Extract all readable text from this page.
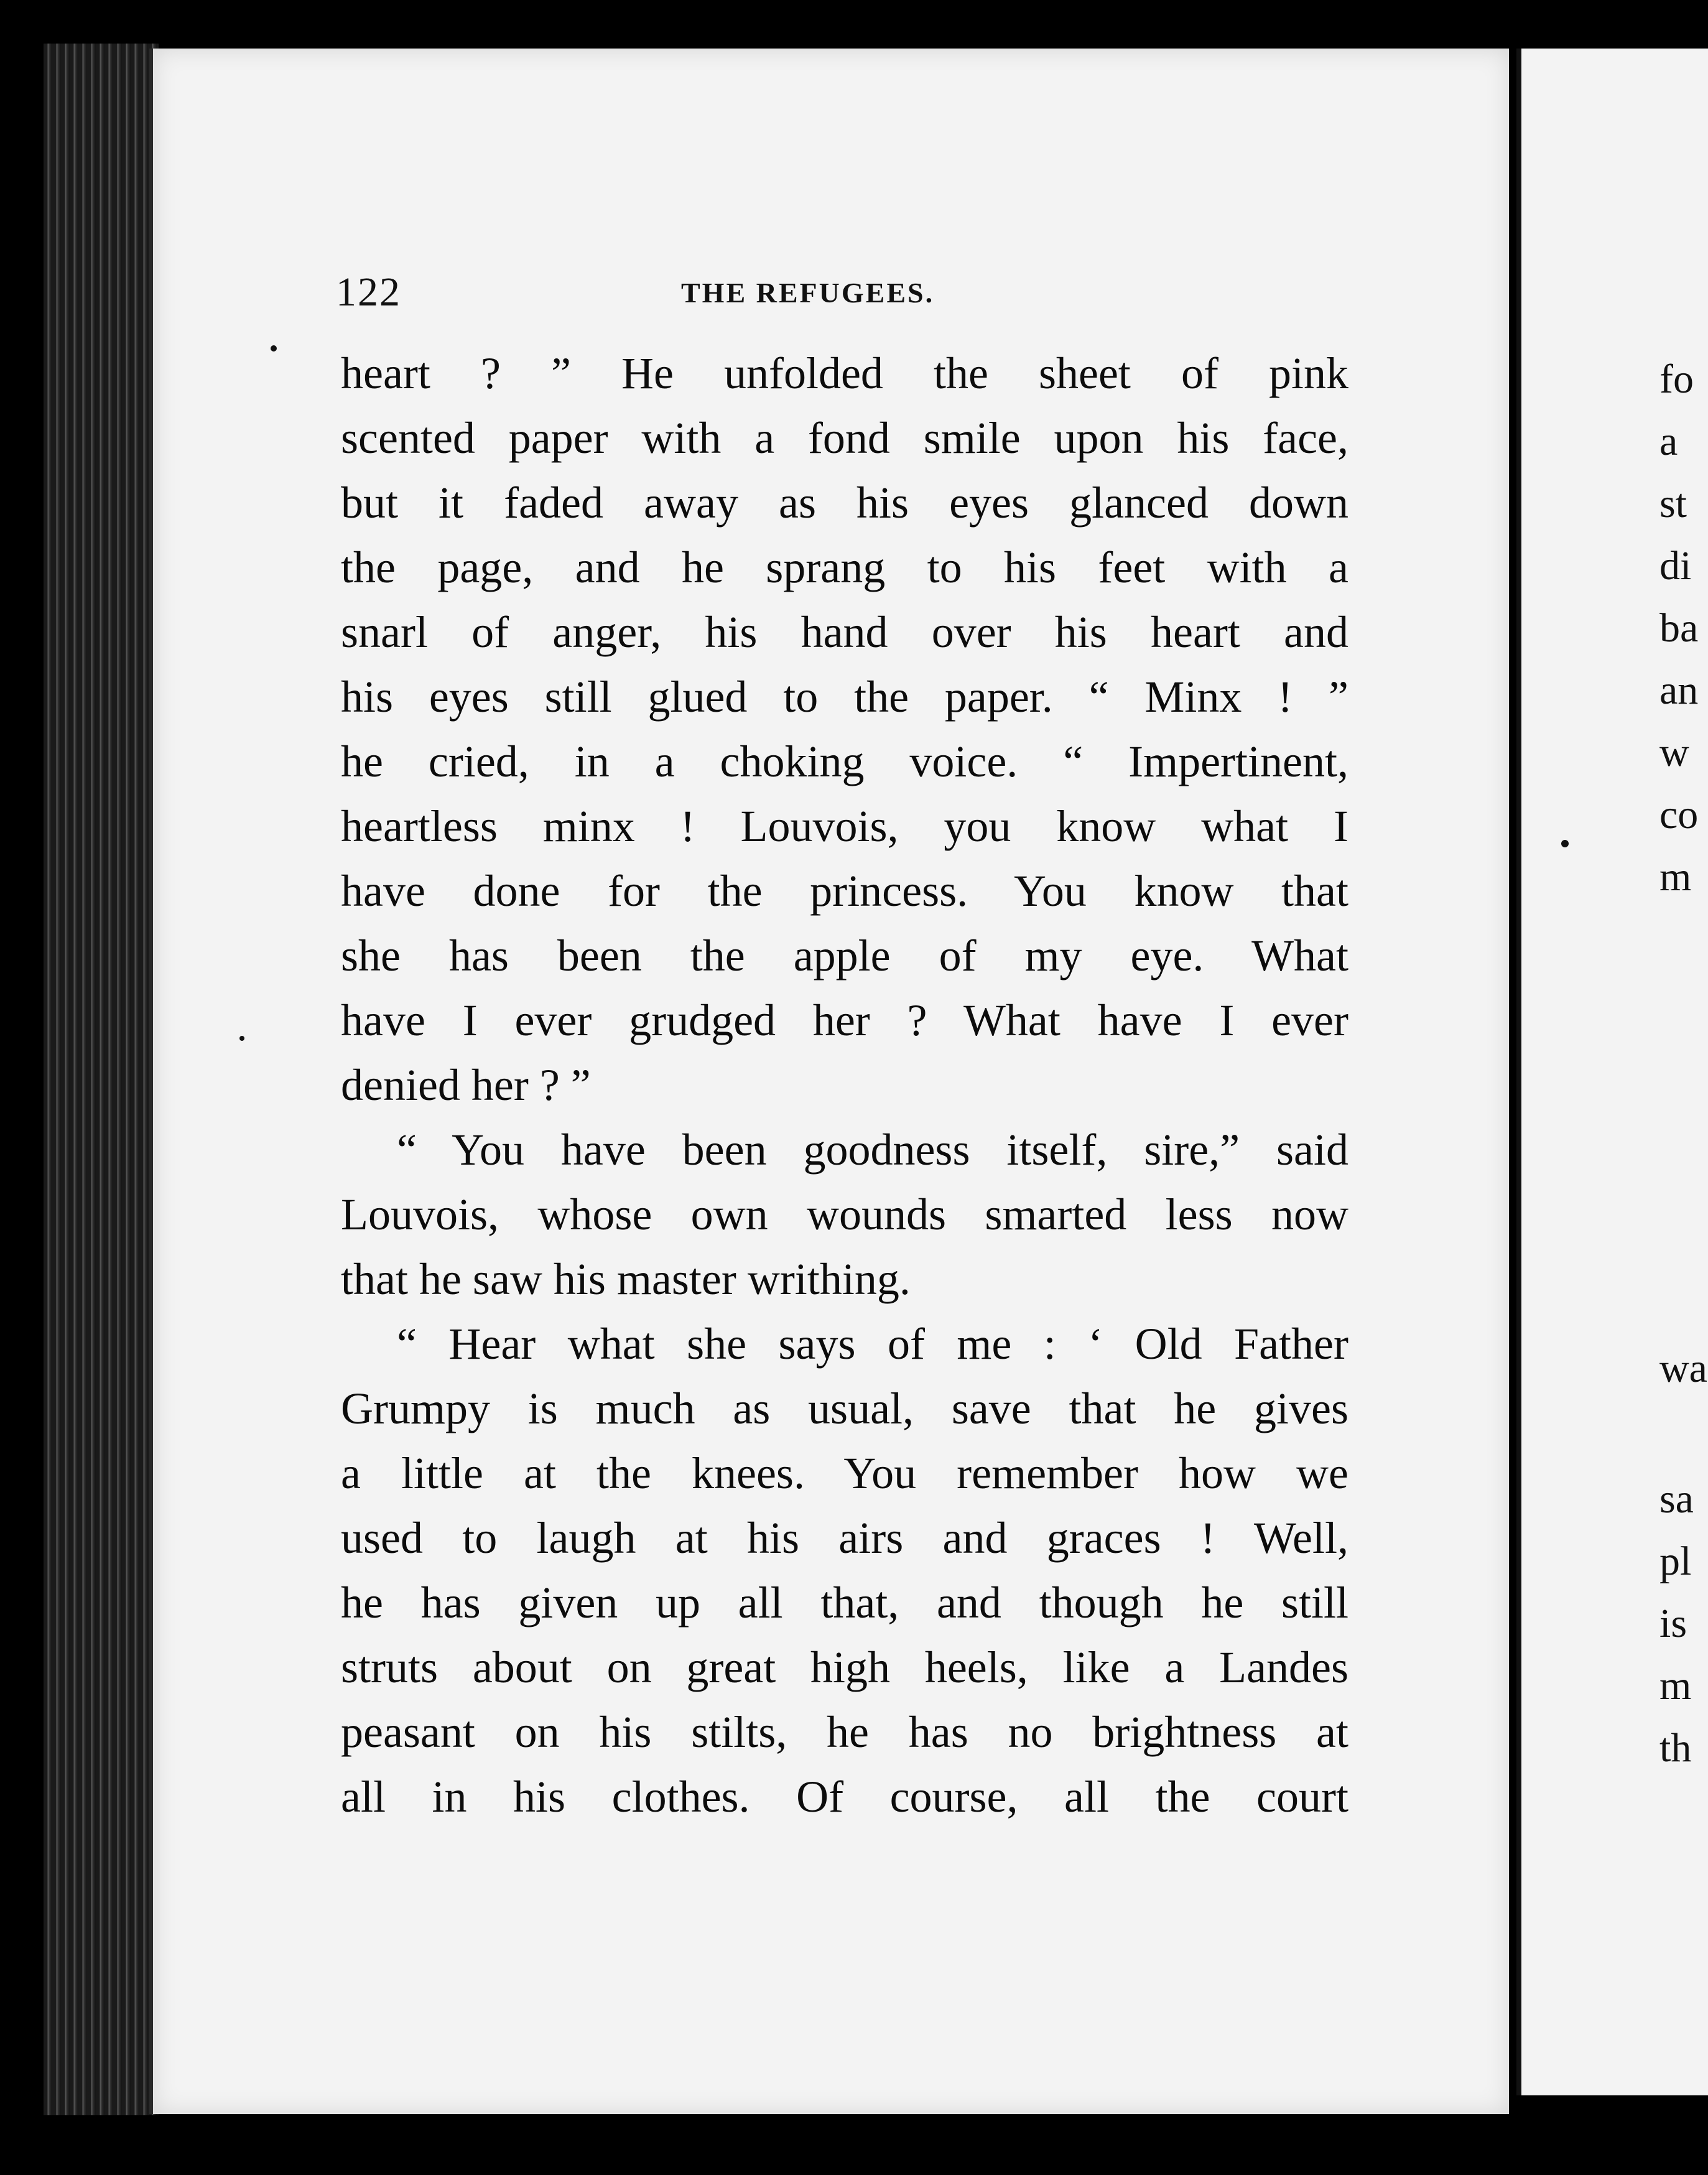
122	THE REFUGEES.
heart ? ” He unfolded the sheet of pink
scented paper with a fond smile upon his face,
but it faded away as his eyes glanced down
the page, and he sprang to his feet with a
snarl of anger, his hand over his heart and
his eyes still glued to the paper. “ Minx ! ”
he cried, in a choking voice. “ Impertinent,
heartless minx ! Louvois, you know what I
have done for the princess. You know that
she has been the apple of my eye. What
have I ever grudged her ? What have I ever
denied her ? ”
“ You have been goodness itself, sire,” said
Louvois, whose own wounds smarted less now
that he saw his master writhing.
“ Hear what she says of me : ‘ Old Father
Grumpy is much as usual, save that he gives
a little at the knees. You remember how we
used to laugh at his airs and graces ! Well,
he has given up all that, and though he still
struts about on great high heels, like a Landes
peasant on his stilts, he has no brightness at
all in his clothes. Of course, all the court
fo
a
st
di
ba
an
w
co
m
wa
sa
pl
is
m
th
